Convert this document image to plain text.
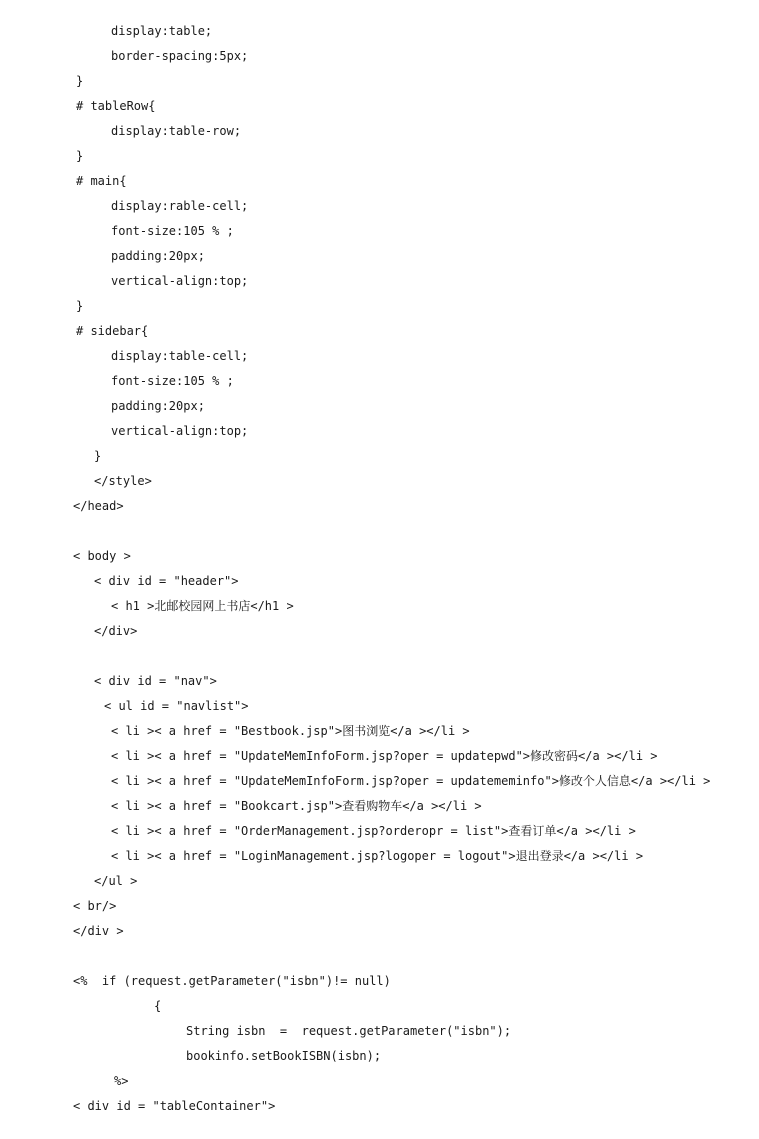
display:table;
border-spacing:5px;
}
# tableRow{
display:table-row;
}
# main{
display:rable-cell;
font-size:105 % ;
padding:20px;
vertical-align:top;
}
# sidebar{
display:table-cell;
font-size:105 % ;
padding:20px;
vertical-align:top;
}
</style>
</head>
< body >
< div id = "header">
< h1 >北邮校园网上书店</h1 >
</div>
< div id = "nav">
< ul id = "navlist">
< li >< a href = "Bestbook.jsp">图书浏览</a ></li >
< li >< a href = "UpdateMemInfoForm.jsp?oper = updatepwd">修改密码</a ></li >
< li >< a href = "UpdateMemInfoForm.jsp?oper = updatememinfo">修改个人信息</a ></li >
< li >< a href = "Bookcart.jsp">查看购物车</a ></li >
< li >< a href = "OrderManagement.jsp?orderopr = list">查看订单</a ></li >
< li >< a href = "LoginManagement.jsp?logoper = logout">退出登录</a ></li >
</ul >
< br/>
</div >
<%  if (request.getParameter("isbn")!= null)
{
String isbn  =  request.getParameter("isbn");
bookinfo.setBookISBN(isbn);
%>
< div id = "tableContainer">
